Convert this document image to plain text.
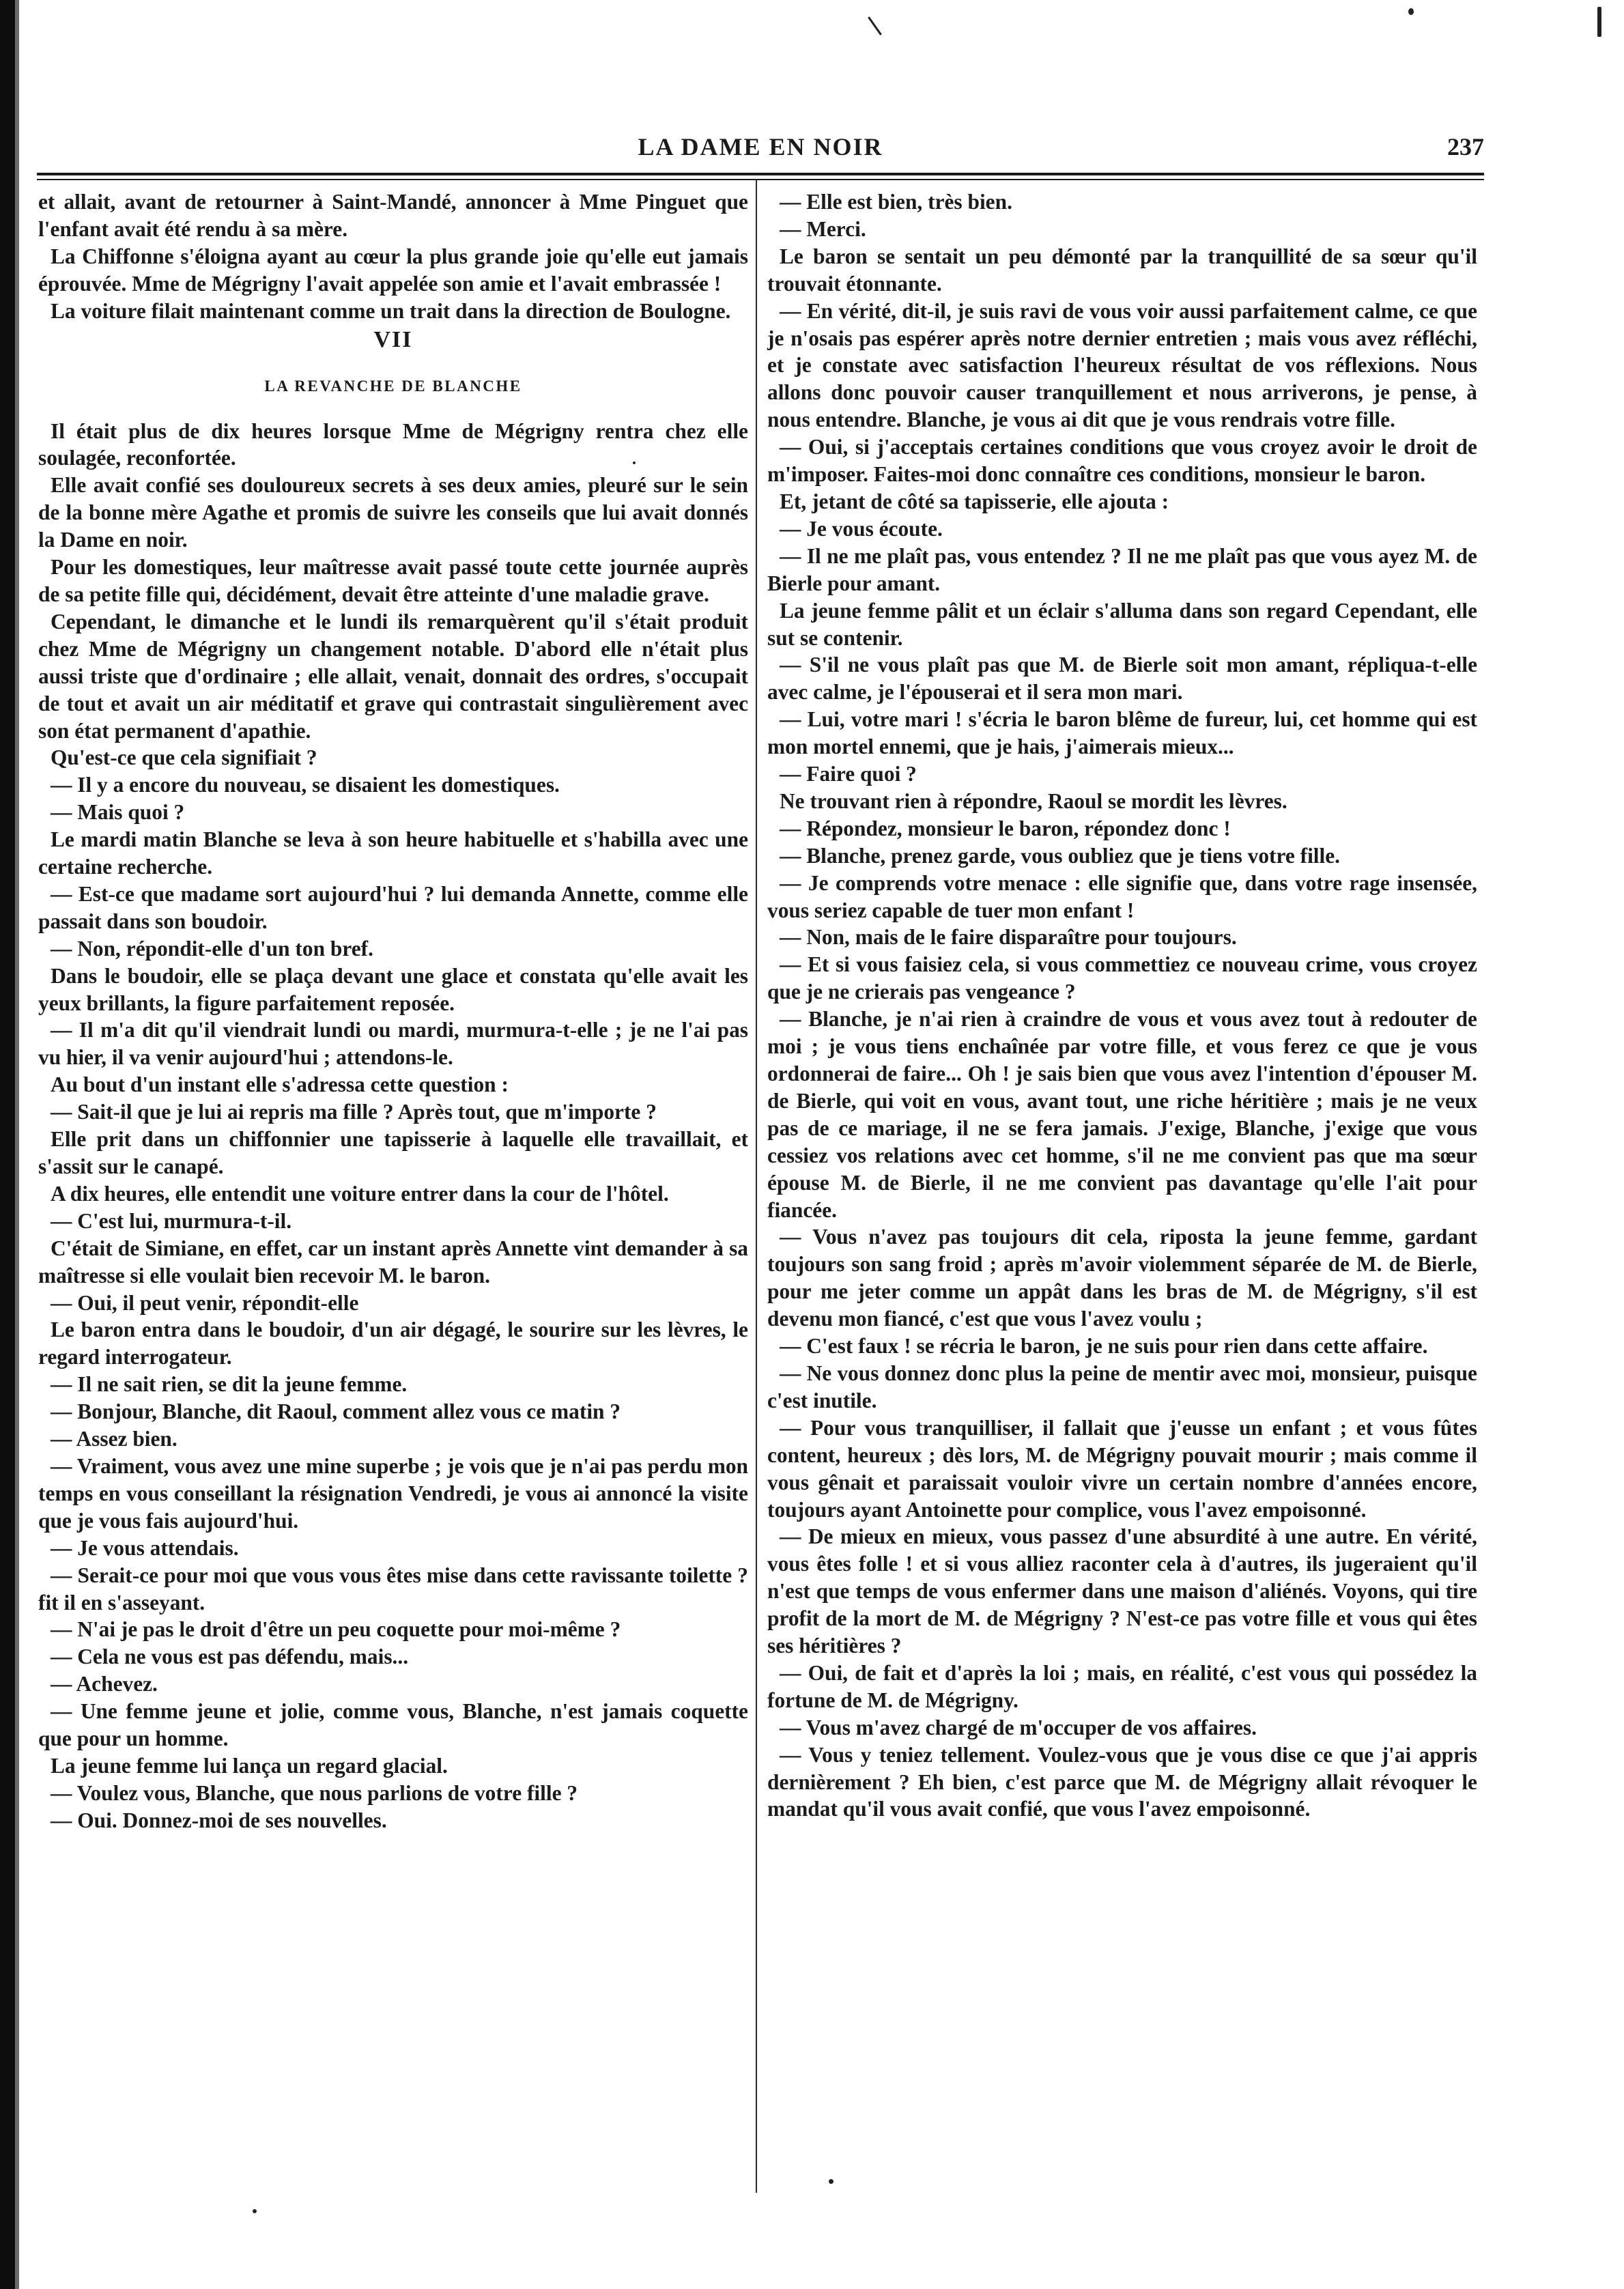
LA DAME EN NOIR	237

et allait, avant de retourner à Saint-Mandé, annoncer à Mme Pinguet que l'enfant avait été rendu à sa mère.

La Chiffonne s'éloigna ayant au cœur la plus grande joie qu'elle eut jamais éprouvée. Mme de Mégrigny l'avait appelée son amie et l'avait embrassée !

La voiture filait maintenant comme un trait dans la direction de Boulogne.

VII
LA REVANCHE DE BLANCHE

Il était plus de dix heures lorsque Mme de Mégrigny rentra chez elle soulagée, reconfortée.

Elle avait confié ses douloureux secrets à ses deux amies, pleuré sur le sein de la bonne mère Agathe et promis de suivre les conseils que lui avait donnés la Dame en noir.

Pour les domestiques, leur maîtresse avait passé toute cette journée auprès de sa petite fille qui, décidément, devait être atteinte d'une maladie grave.

Cependant, le dimanche et le lundi ils remarquèrent qu'il s'était produit chez Mme de Mégrigny un changement notable. D'abord elle n'était plus aussi triste que d'ordinaire ; elle allait, venait, donnait des ordres, s'occupait de tout et avait un air méditatif et grave qui contrastait singulièrement avec son état permanent d'apathie.

Qu'est-ce que cela signifiait ?

— Il y a encore du nouveau, se disaient les domestiques.

— Mais quoi ?

Le mardi matin Blanche se leva à son heure habituelle et s'habilla avec une certaine recherche.

— Est-ce que madame sort aujourd'hui ? lui demanda Annette, comme elle passait dans son boudoir.

— Non, répondit-elle d'un ton bref.

Dans le boudoir, elle se plaça devant une glace et constata qu'elle avait les yeux brillants, la figure parfaitement reposée.

— Il m'a dit qu'il viendrait lundi ou mardi, murmura-t-elle ; je ne l'ai pas vu hier, il va venir aujourd'hui ; attendons-le.

Au bout d'un instant elle s'adressa cette question :

— Sait-il que je lui ai repris ma fille ? Après tout, que m'importe ?

Elle prit dans un chiffonnier une tapisserie à laquelle elle travaillait, et s'assit sur le canapé.

A dix heures, elle entendit une voiture entrer dans la cour de l'hôtel.

— C'est lui, murmura-t-il.

C'était de Simiane, en effet, car un instant après Annette vint demander à sa maîtresse si elle voulait bien recevoir M. le baron.

— Oui, il peut venir, répondit-elle

Le baron entra dans le boudoir, d'un air dégagé, le sourire sur les lèvres, le regard interrogateur.

— Il ne sait rien, se dit la jeune femme.

— Bonjour, Blanche, dit Raoul, comment allez vous ce matin ?

— Assez bien.

— Vraiment, vous avez une mine superbe ; je vois que je n'ai pas perdu mon temps en vous conseillant la résignation Vendredi, je vous ai annoncé la visite que je vous fais aujourd'hui.

— Je vous attendais.

— Serait-ce pour moi que vous vous êtes mise dans cette ravissante toilette ? fit il en s'asseyant.

— N'ai je pas le droit d'être un peu coquette pour moi-même ?

— Cela ne vous est pas défendu, mais...

— Achevez.

— Une femme jeune et jolie, comme vous, Blanche, n'est jamais coquette que pour un homme.

La jeune femme lui lança un regard glacial.

— Voulez vous, Blanche, que nous parlions de votre fille ?

— Oui. Donnez-moi de ses nouvelles.

— Elle est bien, très bien.

— Merci.

Le baron se sentait un peu démonté par la tranquillité de sa sœur qu'il trouvait étonnante.

— En vérité, dit-il, je suis ravi de vous voir aussi parfaitement calme, ce que je n'osais pas espérer après notre dernier entretien ; mais vous avez réfléchi, et je constate avec satisfaction l'heureux résultat de vos réflexions. Nous allons donc pouvoir causer tranquillement et nous arriverons, je pense, à nous entendre. Blanche, je vous ai dit que je vous rendrais votre fille.

— Oui, si j'acceptais certaines conditions que vous croyez avoir le droit de m'imposer. Faites-moi donc connaître ces conditions, monsieur le baron.

Et, jetant de côté sa tapisserie, elle ajouta :

— Je vous écoute.

— Il ne me plaît pas, vous entendez ? Il ne me plaît pas que vous ayez M. de Bierle pour amant.

La jeune femme pâlit et un éclair s'alluma dans son regard Cependant, elle sut se contenir.

— S'il ne vous plaît pas que M. de Bierle soit mon amant, répliqua-t-elle avec calme, je l'épouserai et il sera mon mari.

— Lui, votre mari ! s'écria le baron blême de fureur, lui, cet homme qui est mon mortel ennemi, que je hais, j'aimerais mieux...

— Faire quoi ?

Ne trouvant rien à répondre, Raoul se mordit les lèvres.

— Répondez, monsieur le baron, répondez donc !

— Blanche, prenez garde, vous oubliez que je tiens votre fille.

— Je comprends votre menace : elle signifie que, dans votre rage insensée, vous seriez capable de tuer mon enfant !

— Non, mais de le faire disparaître pour toujours.

— Et si vous faisiez cela, si vous commettiez ce nouveau crime, vous croyez que je ne crierais pas vengeance ?

— Blanche, je n'ai rien à craindre de vous et vous avez tout à redouter de moi ; je vous tiens enchaînée par votre fille, et vous ferez ce que je vous ordonnerai de faire... Oh ! je sais bien que vous avez l'intention d'épouser M. de Bierle, qui voit en vous, avant tout, une riche héritière ; mais je ne veux pas de ce mariage, il ne se fera jamais. J'exige, Blanche, j'exige que vous cessiez vos relations avec cet homme, s'il ne me convient pas que ma sœur épouse M. de Bierle, il ne me convient pas davantage qu'elle l'ait pour fiancée.

— Vous n'avez pas toujours dit cela, riposta la jeune femme, gardant toujours son sang froid ; après m'avoir violemment séparée de M. de Bierle, pour me jeter comme un appât dans les bras de M. de Mégrigny, s'il est devenu mon fiancé, c'est que vous l'avez voulu ;

— C'est faux ! se récria le baron, je ne suis pour rien dans cette affaire.

— Ne vous donnez donc plus la peine de mentir avec moi, monsieur, puisque c'est inutile.

— Pour vous tranquilliser, il fallait que j'eusse un enfant ; et vous fûtes content, heureux ; dès lors, M. de Mégrigny pouvait mourir ; mais comme il vous gênait et paraissait vouloir vivre un certain nombre d'années encore, toujours ayant Antoinette pour complice, vous l'avez empoisonné.

— De mieux en mieux, vous passez d'une absurdité à une autre. En vérité, vous êtes folle ! et si vous alliez raconter cela à d'autres, ils jugeraient qu'il n'est que temps de vous enfermer dans une maison d'aliénés. Voyons, qui tire profit de la mort de M. de Mégrigny ? N'est-ce pas votre fille et vous qui êtes ses héritières ?

— Oui, de fait et d'après la loi ; mais, en réalité, c'est vous qui possédez la fortune de M. de Mégrigny.

— Vous m'avez chargé de m'occuper de vos affaires.

— Vous y teniez tellement. Voulez-vous que je vous dise ce que j'ai appris dernièrement ? Eh bien, c'est parce que M. de Mégrigny allait révoquer le mandat qu'il vous avait confié, que vous l'avez empoisonné.
